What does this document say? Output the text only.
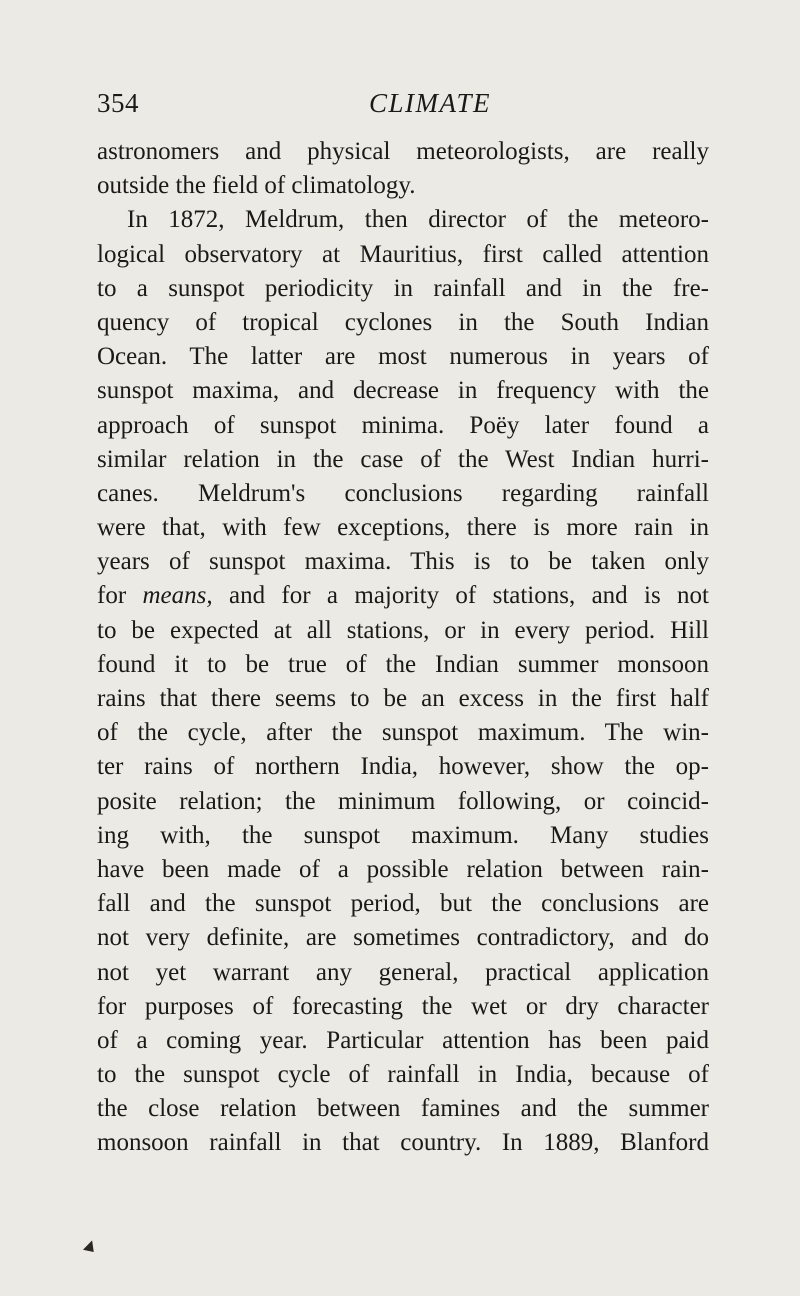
354	CLIMATE
astronomers and physical meteorologists, are really
outside the field of climatology.
In 1872, Meldrum, then director of the meteoro-
logical observatory at Mauritius, first called attention
to a sunspot periodicity in rainfall and in the fre-
quency of tropical cyclones in the South Indian
Ocean. The latter are most numerous in years of
sunspot maxima, and decrease in frequency with the
approach of sunspot minima. Poëy later found a
similar relation in the case of the West Indian hurri-
canes. Meldrum's conclusions regarding rainfall
were that, with few exceptions, there is more rain in
years of sunspot maxima. This is to be taken only
for means, and for a majority of stations, and is not
to be expected at all stations, or in every period. Hill
found it to be true of the Indian summer monsoon
rains that there seems to be an excess in the first half
of the cycle, after the sunspot maximum. The win-
ter rains of northern India, however, show the op-
posite relation; the minimum following, or coincid-
ing with, the sunspot maximum. Many studies
have been made of a possible relation between rain-
fall and the sunspot period, but the conclusions are
not very definite, are sometimes contradictory, and do
not yet warrant any general, practical application
for purposes of forecasting the wet or dry character
of a coming year. Particular attention has been paid
to the sunspot cycle of rainfall in India, because of
the close relation between famines and the summer
monsoon rainfall in that country. In 1889, Blanford
